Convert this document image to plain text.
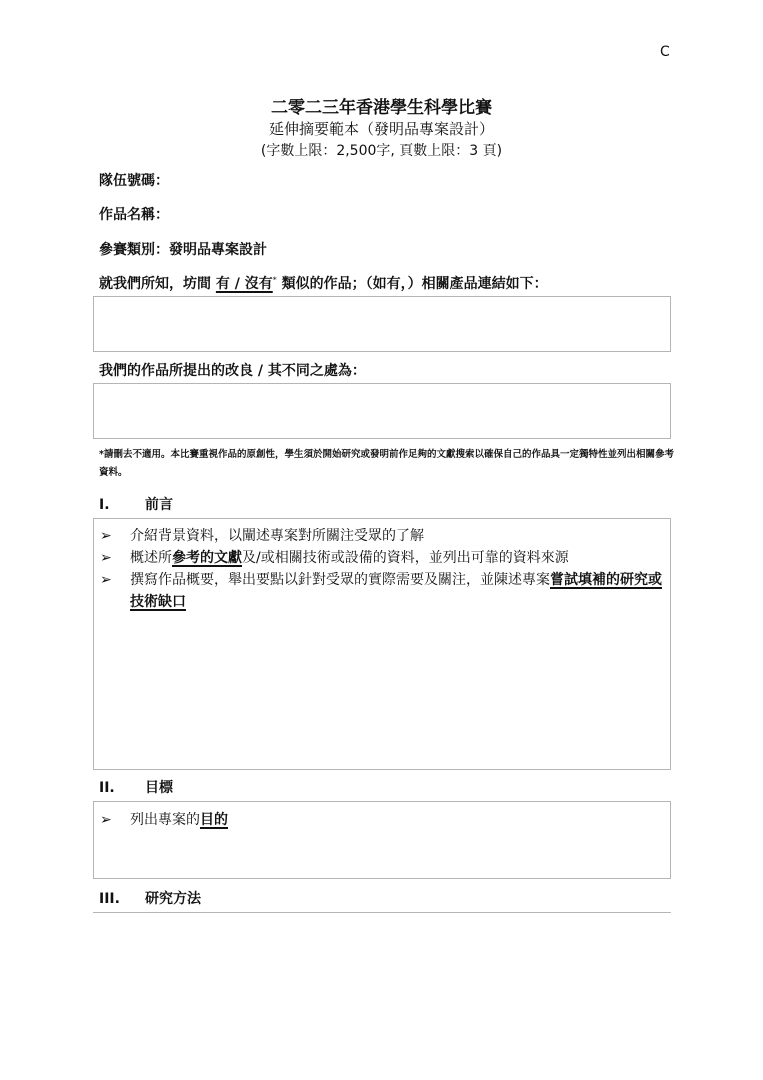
C
二零二三年香港學生科學比賽
延伸摘要範本（發明品專案設計）
(字數上限：2,500字, 頁數上限：3 頁)
隊伍號碼：
作品名稱：
參賽類別：發明品專案設計
就我們所知，坊間 有 / 沒有* 類似的作品；（如有，）相關產品連結如下：
我們的作品所提出的改良 / 其不同之處為：
*請刪去不適用。本比賽重視作品的原創性，學生須於開始研究或發明前作足夠的文獻搜索以確保自己的作品具一定獨特性並列出相關參考資料。
I.	前言
➢ 介紹背景資料，以闡述專案對所關注受眾的了解
➢ 概述所參考的文獻及/或相關技術或設備的資料，並列出可靠的資料來源
➢ 撰寫作品概要，舉出要點以針對受眾的實際需要及關注，並陳述專案嘗試填補的研究或技術缺口
II. 目標
➢ 列出專案的目的
III. 研究方法
